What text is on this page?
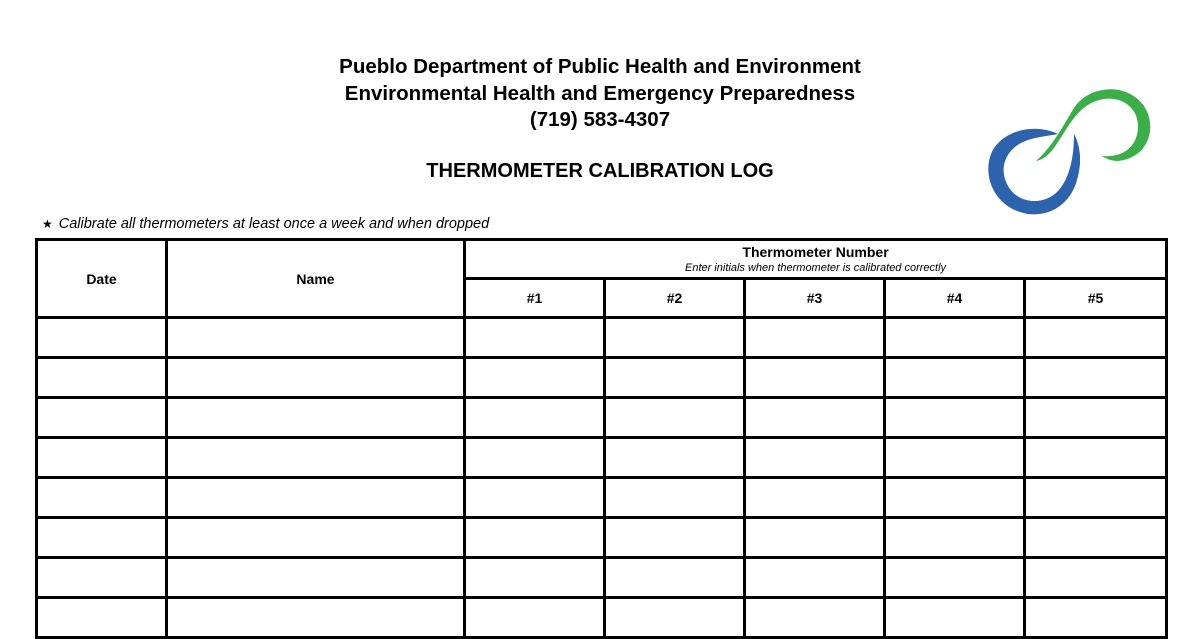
Pueblo Department of Public Health and Environment
Environmental Health and Emergency Preparedness
(719) 583-4307
THERMOMETER CALIBRATION LOG
★ Calibrate all thermometers at least once a week and when dropped
Date	Name	Thermometer Number
Enter initials when thermometer is calibrated correctly				

		#1	#2	#3	#4	#5
